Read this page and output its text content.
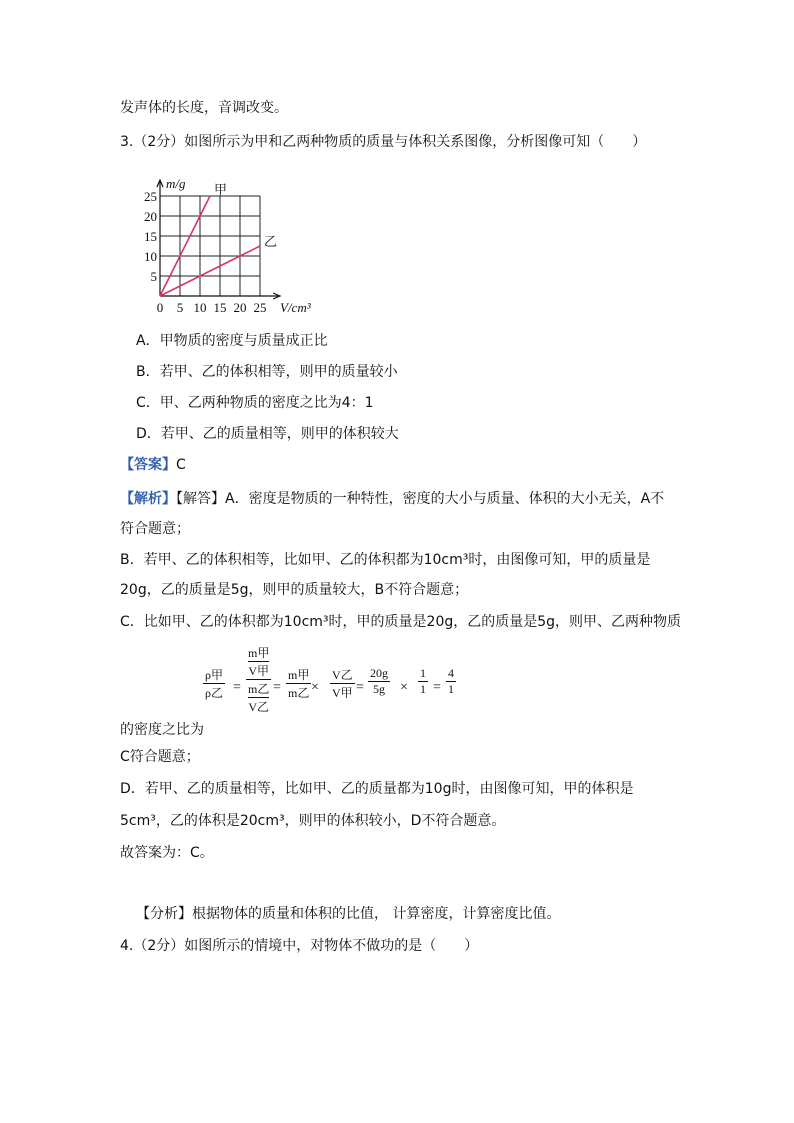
发声体的长度，音调改变。
3.（2分）如图所示为甲和乙两种物质的质量与体积关系图像，分析图像可知（　　）
0 5 10 15 20 25
5
10
15
20
25	甲
乙
m/g
V/cm³
A．甲物质的密度与质量成正比
B．若甲、乙的体积相等，则甲的质量较小
C．甲、乙两种物质的密度之比为4：1
D．若甲、乙的质量相等，则甲的体积较大
【答案】C
【解析】【解答】A．密度是物质的一种特性，密度的大小与质量、体积的大小无关，A不
符合题意；
B．若甲、乙的体积相等，比如甲、乙的体积都为10cm³时，由图像可知，甲的质量是
20g，乙的质量是5g，则甲的质量较大，B不符合题意；
C．比如甲、乙的体积都为10cm³时，甲的质量是20g，乙的质量是5g，则甲、乙两种物质
ρ甲
ρ乙 =
m甲
V甲
m乙
V乙
=
m甲
m乙 ×
V乙
V甲 =
20g
5g	×
1
1 =
4
1
的密度之比为
C符合题意；
D．若甲、乙的质量相等，比如甲、乙的质量都为10g时，由图像可知，甲的体积是
5cm³，乙的体积是20cm³，则甲的体积较小，D不符合题意。
故答案为：C。
【分析】根据物体的质量和体积的比值， 计算密度，计算密度比值。
4.（2分）如图所示的情境中，对物体不做功的是（　　）
